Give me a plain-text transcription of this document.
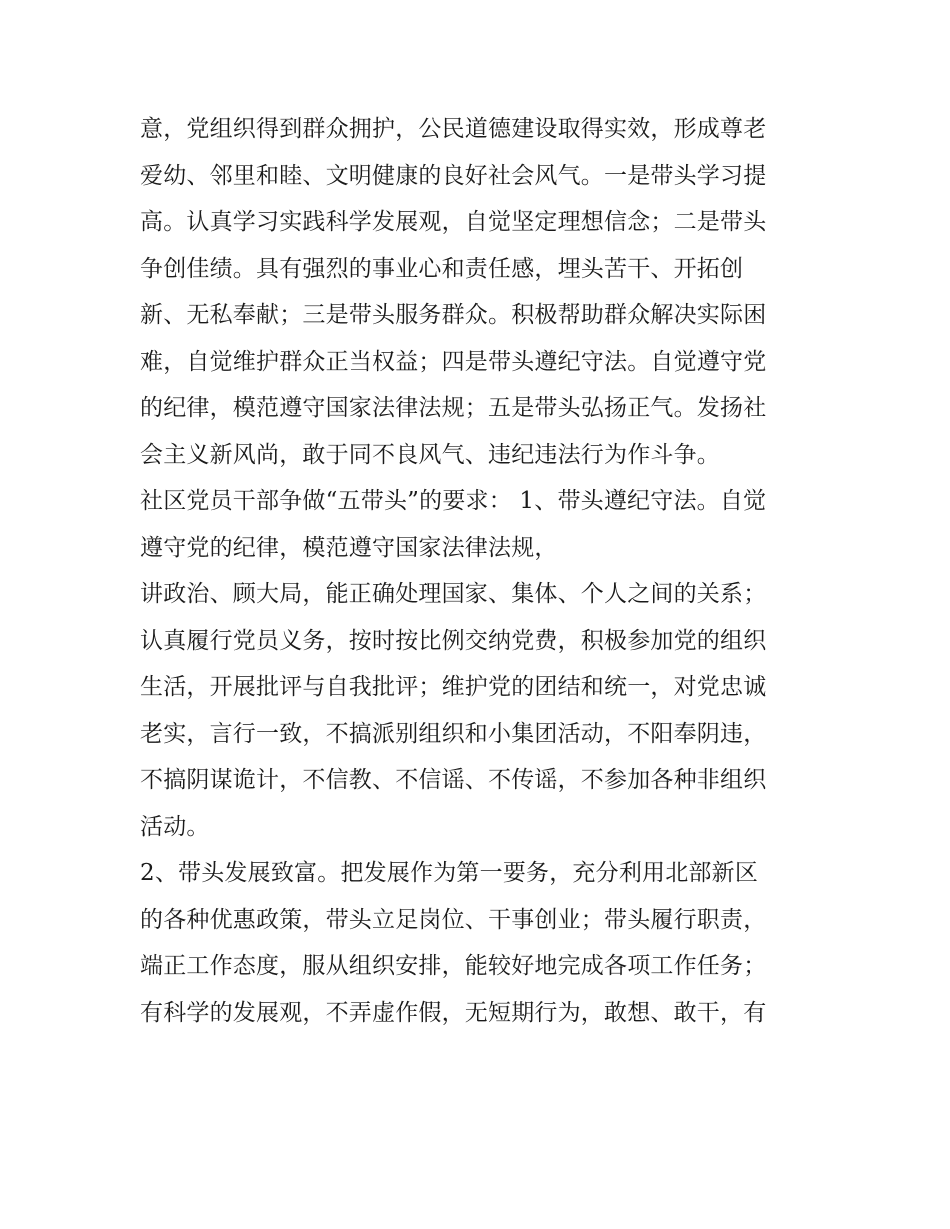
意，党组织得到群众拥护，公民道德建设取得实效，形成尊老
爱幼、邻里和睦、文明健康的良好社会风气。一是带头学习提
高。认真学习实践科学发展观，自觉坚定理想信念；二是带头
争创佳绩。具有强烈的事业心和责任感，埋头苦干、开拓创
新、无私奉献；三是带头服务群众。积极帮助群众解决实际困
难，自觉维护群众正当权益；四是带头遵纪守法。自觉遵守党
的纪律，模范遵守国家法律法规；五是带头弘扬正气。发扬社
会主义新风尚，敢于同不良风气、违纪违法行为作斗争。
社区党员干部争做“五带头”的要求： 1、带头遵纪守法。自觉
遵守党的纪律，模范遵守国家法律法规，
讲政治、顾大局，能正确处理国家、集体、个人之间的关系；
认真履行党员义务，按时按比例交纳党费，积极参加党的组织
生活，开展批评与自我批评；维护党的团结和统一，对党忠诚
老实，言行一致，不搞派别组织和小集团活动，不阳奉阴违，
不搞阴谋诡计，不信教、不信谣、不传谣，不参加各种非组织
活动。
2、带头发展致富。把发展作为第一要务，充分利用北部新区
的各种优惠政策，带头立足岗位、干事创业；带头履行职责，
端正工作态度，服从组织安排，能较好地完成各项工作任务；
有科学的发展观，不弄虚作假，无短期行为，敢想、敢干，有
